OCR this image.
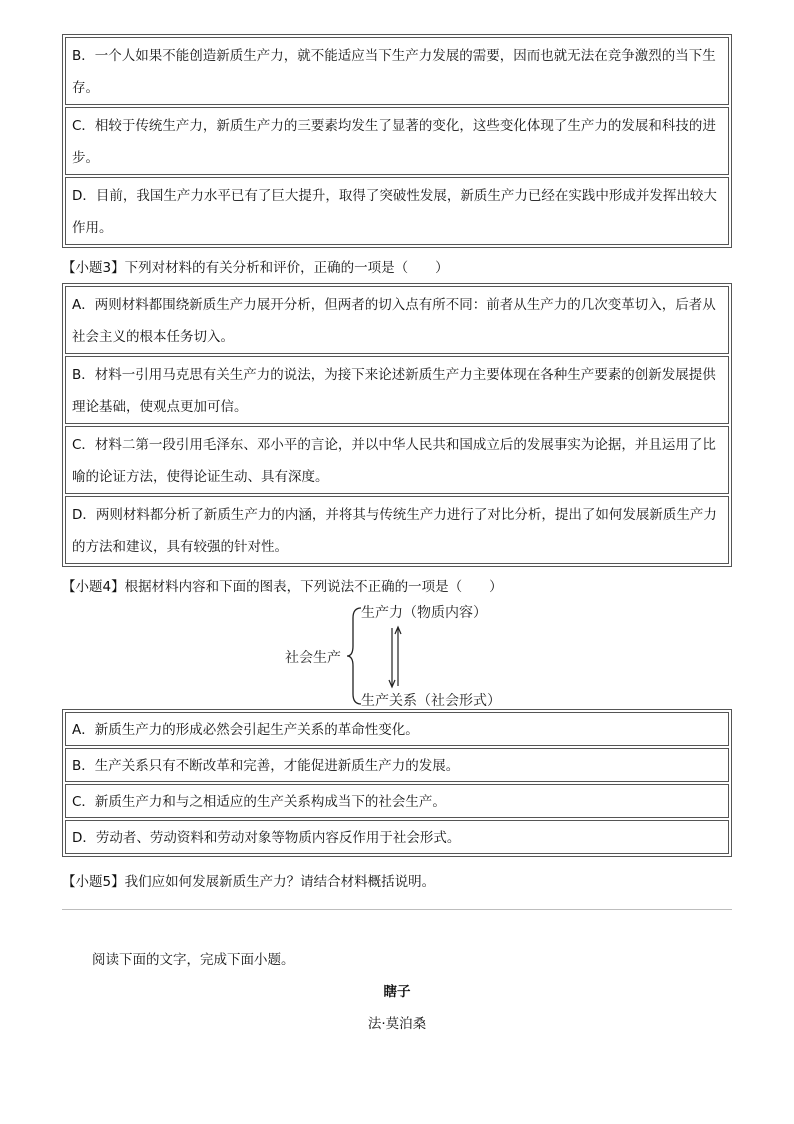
B．一个人如果不能创造新质生产力，就不能适应当下生产力发展的需要，因而也就无法在竞争激烈的当下生存。
C．相较于传统生产力，新质生产力的三要素均发生了显著的变化，这些变化体现了生产力的发展和科技的进步。
D．目前，我国生产力水平已有了巨大提升，取得了突破性发展，新质生产力已经在实践中形成并发挥出较大作用。
【小题3】下列对材料的有关分析和评价，正确的一项是（　　）
A．两则材料都围绕新质生产力展开分析，但两者的切入点有所不同：前者从生产力的几次变革切入，后者从社会主义的根本任务切入。
B．材料一引用马克思有关生产力的说法，为接下来论述新质生产力主要体现在各种生产要素的创新发展提供理论基础，使观点更加可信。
C．材料二第一段引用毛泽东、邓小平的言论，并以中华人民共和国成立后的发展事实为论据，并且运用了比喻的论证方法，使得论证生动、具有深度。
D．两则材料都分析了新质生产力的内涵，并将其与传统生产力进行了对比分析，提出了如何发展新质生产力的方法和建议，具有较强的针对性。
【小题4】根据材料内容和下面的图表，下列说法不正确的一项是（　　）
社会生产
生产力（物质内容）
生产关系（社会形式）
A．新质生产力的形成必然会引起生产关系的革命性变化。
B．生产关系只有不断改革和完善，才能促进新质生产力的发展。
C．新质生产力和与之相适应的生产关系构成当下的社会生产。
D．劳动者、劳动资料和劳动对象等物质内容反作用于社会形式。
【小题5】我们应如何发展新质生产力？请结合材料概括说明。
阅读下面的文字，完成下面小题。
瞎子
法·莫泊桑
